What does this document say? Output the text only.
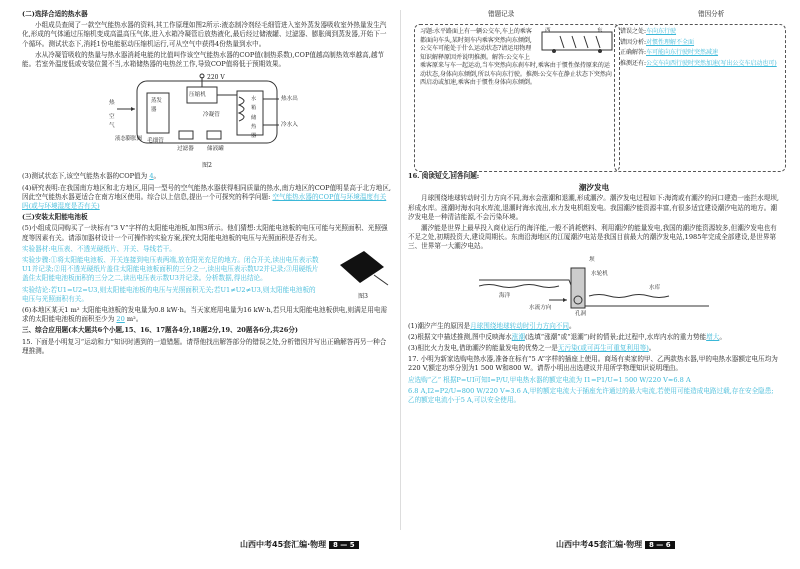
(二)选择合适的热水器

小组成员查阅了一款空气能热水器的资料,其工作原理如图2所示:液态制冷剂经毛细管进入室外蒸发器吸收室外热量发生汽化,形成的气体通过压缩机变成高温高压气体,进入水箱冷凝管后放热液化,最后经过储液罐、过滤器、膨胀阀到蒸发器,开始下一个循环。测试状态下,消耗1份电能驱动压缩机运行,可从空气中获得4份热量到水中。

水从冷凝管吸收的热量与热水器消耗电能的比值叫作该空气能热水器的COP值(制热系数),COP值越高制热效率越高,越节能。若室外温度低或安装位置不当,水箱储热器的电热丝工作,导致COP值将低于预期效果。

220 V
压缩机
蒸发器
冷凝管
水箱储热器
热水出
冷水入
热
空气
毛细管
液态膨胀阀
过滤器 储液罐
图2

(3)测试状态下,该空气能热水器的COP值为 4。

(4)研究表明:在我国南方地区和北方地区,用同一型号的空气能热水器获得相同质量的热水,南方地区的COP值明显高于北方地区,因此空气能热水器更适合在南方地区使用。综合以上信息,提出一个可探究的科学问题: 空气能热水器的COP值与环境温度有关吗(或与环境湿度是否有关)

(三)安装太阳能电池板

(5)小组成员同购买了一块标有“3 V”字样的太阳能电池板,如图3所示。他们猜想:太阳能电池板的电压可能与光照面积、光照强度等因素有关。请添加器材设计一个可操作的实验方案,探究太阳能电池板的电压与光照面积是否有关。

实验器材:电压表、不透光硬纸片、开关、导线若干。

实验步骤:①将太阳能电池板、开关连接到电压表两端,放在阳光充足的地方。闭合开关,读出电压表示数U1并记录;②用不透光硬纸片盖住太阳能电池板面积的三分之一,读出电压表示数U2并记录;③用硬纸片盖住太阳能电池板面积的三分之二,读出电压表示数U3并记录。分析数据,得出结论。

实验结论:若U1=U2=U3,则太阳能电池板的电压与光照面积无关;若U1≠U2≠U3,则太阳能电池板的电压与光照面积有关。	图3

(6)本地区某天1 m² 太阳能电池板的发电量为0.8 kW·h。当天家庭用电量为16 kW·h,若只用太阳能电池板供电,则满足用电需求的太阳能电池板的面积至少为 20 m²。

三、综合应用题(本大题共6个小题,15、16、17题各4分,18题2分,19、20题各6分,共26分)

15. 下面是小明复习“运动和力”知识时遇到的一道错题。请帮他找出解答部分的错误之处,分析错因并写出正确解答再另一种合理推测。

山西中考45套汇编·物理 8 — 5
错题记录	错因分析
西	东
习题:水平路面上有一辆公交车,车上的乘客都面向车头,某时刻车内乘客突然向东倾倒,公交车可能处于什么运动状态?请运用物理知识解释原因并说明推测。解答:公交车上乘客原来与车一起运动,当车突然向东刹车时,乘客由于惯性保持原来的运动状态,身体向东倾倒,所以车向东行驶。推测:公交车在静止状态下突然向西启动或加速,乘客由于惯性身体向东倾倒。

错误之处:车向东行驶

错因分析:对惯性理解不全面

正确解答:车可能向东行驶时突然减速

推测还有:公交车向西行驶时突然加速(写出公交车启动也可)

16. 阅读短文,回答问题:

潮汐发电

月球围绕地球转动时引力方向不同,海水会涨潮和退潮,形成潮汐。潮汐发电过程如下:海湾或有潮汐的河口建造一座拦水堤坝,形成水库。涨潮时海水向水库流,退潮时海水流出,水力发电机组发电。我国潮汐能资源丰富,有很多适宜建设潮汐电站的地方。潮汐发电是一种清洁能源,不会污染环境。

潮汐能是世界上最早投入商业运行的海洋能,一般不消耗燃料、利用潮汐的能量发电,我国的潮汐能资源较多,但潮汐发电也有不足之处,初期投资大,建设周期长。东南沿海地区的江厦潮汐电站是我国目前最大的潮汐发电站,1985年完成全部建设,是世界第三、世界第一大潮汐电站。

坝
水轮机
海洋
水库
孔洞
水流方向

(1)潮汐产生的原因是月球围绕地球转动时引力方向不同。

(2)根据文中描述推测,图中反映海水涨潮(选填“涨潮”或“退潮”)时的情景;此过程中,水库内水的重力势能增大。

(3)相比火力发电,借助潮汐的能量发电的优势之一是无污染(或可再生可重复利用等)。

17. 小明为新家选购电热水器,准备在标有“5 A”字样的插座上使用。商场有卖家的甲、乙两款热水器,甲的电热水器额定电压均为220 V,额定功率分别为1 500 W和800 W。请帮小明出出选建议并用所学物理知识说明理由。

应选购“乙” 根据P=UI可知I=P/U,甲电热水器的额定电流为 I1=P1/U=1 500 W/220 V≈6.8 A

6.8 A,I2=P2/U=800 W/220 V≈3.6 A,甲的额定电流大于插座允许通过的最大电流,若使用可能造成电路过载,存在安全隐患;乙的额定电流小于5 A,可以安全使用。

山西中考45套汇编·物理 8 — 6
